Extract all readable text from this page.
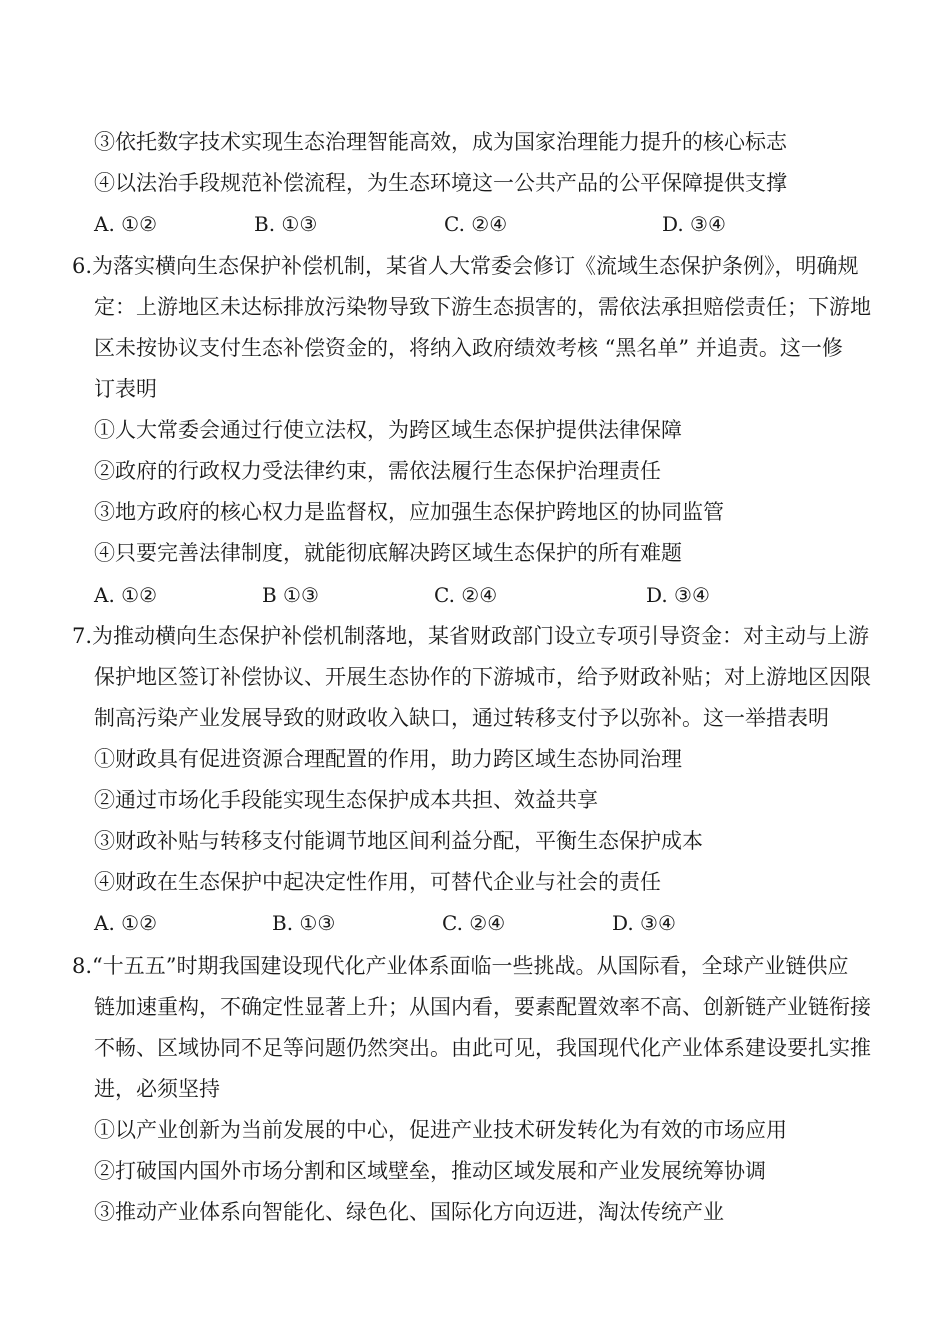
③依托数字技术实现生态治理智能高效，成为国家治理能力提升的核心标志
④以法治手段规范补偿流程，为生态环境这一公共产品的公平保障提供支撑
A. ①②	B. ①③	C. ②④	D. ③④
6.为落实横向生态保护补偿机制，某省人大常委会修订《流域生态保护条例》，明确规
定：上游地区未达标排放污染物导致下游生态损害的，需依法承担赔偿责任；下游地
区未按协议支付生态补偿资金的，将纳入政府绩效考核 “黑名单” 并追责。这一修
订表明
①人大常委会通过行使立法权，为跨区域生态保护提供法律保障
②政府的行政权力受法律约束，需依法履行生态保护治理责任
③地方政府的核心权力是监督权，应加强生态保护跨地区的协同监管
④只要完善法律制度，就能彻底解决跨区域生态保护的所有难题
A. ①②	B ①③	C. ②④	D. ③④
7.为推动横向生态保护补偿机制落地，某省财政部门设立专项引导资金：对主动与上游
保护地区签订补偿协议、开展生态协作的下游城市，给予财政补贴；对上游地区因限
制高污染产业发展导致的财政收入缺口，通过转移支付予以弥补。这一举措表明
①财政具有促进资源合理配置的作用，助力跨区域生态协同治理
②通过市场化手段能实现生态保护成本共担、效益共享
③财政补贴与转移支付能调节地区间利益分配，平衡生态保护成本
④财政在生态保护中起决定性作用，可替代企业与社会的责任
A. ①②	B. ①③	C. ②④	D. ③④
8.“十五五”时期我国建设现代化产业体系面临一些挑战。从国际看，全球产业链供应
链加速重构，不确定性显著上升；从国内看，要素配置效率不高、创新链产业链衔接
不畅、区域协同不足等问题仍然突出。由此可见，我国现代化产业体系建设要扎实推
进，必须坚持
①以产业创新为当前发展的中心，促进产业技术研发转化为有效的市场应用
②打破国内国外市场分割和区域壁垒，推动区域发展和产业发展统筹协调
③推动产业体系向智能化、绿色化、国际化方向迈进，淘汰传统产业
